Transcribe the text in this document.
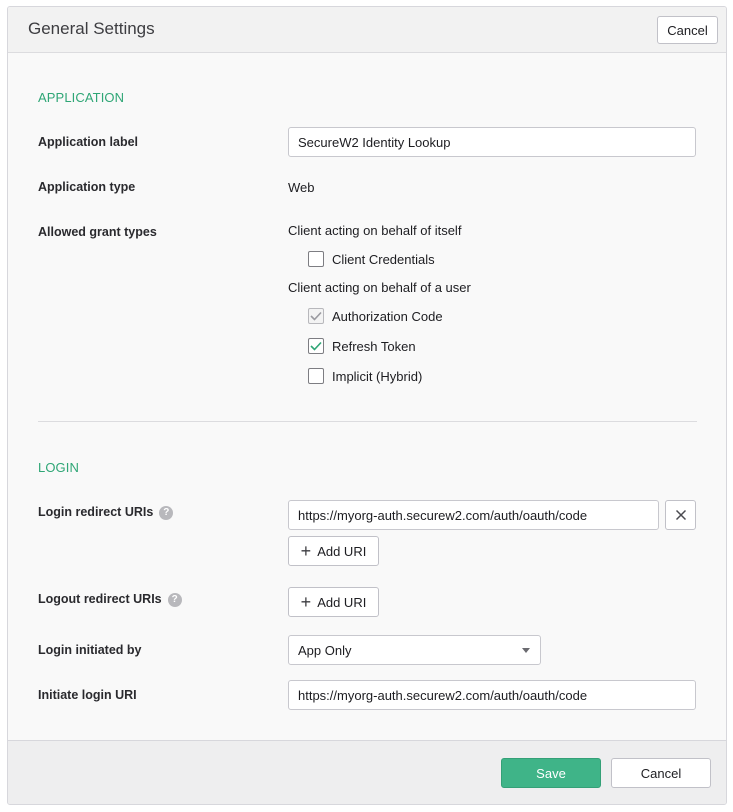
General Settings	Cancel
APPLICATION
Application label	SecureW2 Identity Lookup
Application type	Web
Allowed grant types	Client acting on behalf of itself
Client Credentials
Client acting on behalf of a user
Authorization Code
Refresh Token
Implicit (Hybrid)
LOGIN
Login redirect URIs ?	https://myorg-auth.securew2.com/auth/oauth/code
+ Add URI
Logout redirect URIs ?	+ Add URI
Login initiated by	App Only
Initiate login URI	https://myorg-auth.securew2.com/auth/oauth/code
Save	Cancel
